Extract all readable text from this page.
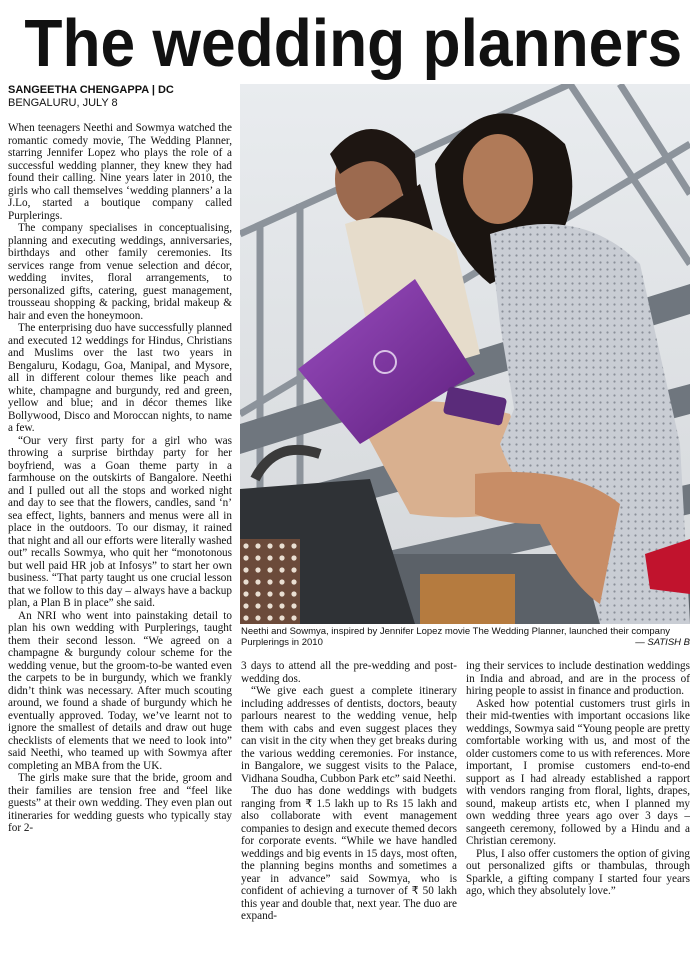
The wedding planners
SANGEETHA CHENGAPPA | DC
BENGALURU, JULY 8

When teenagers Neethi and Sowmya watched the romantic comedy movie, The Wedding Planner, starring Jennifer Lopez who plays the role of a successful wedding planner, they knew they had found their calling. Nine years later in 2010, the girls who call themselves ‘wedding planners’ a la J.Lo, started a boutique company called Purplerings.

The company specialises in conceptualising, planning and executing weddings, anniversaries, birthdays and other family ceremonies. Its services range from venue selection and décor, wedding invites, floral arrangements, to personalized gifts, catering, guest management, trousseau shopping & packing, bridal makeup & hair and even the honeymoon.

The enterprising duo have successfully planned and executed 12 weddings for Hindus, Christians and Muslims over the last two years in Bengaluru, Kodagu, Goa, Manipal, and Mysore, all in different colour themes like peach and white, champagne and burgundy, red and green, yellow and blue; and in décor themes like Bollywood, Disco and Moroccan nights, to name a few.

“Our very first party for a girl who was throwing a surprise birthday party for her boyfriend, was a Goan theme party in a farmhouse on the outskirts of Bangalore. Neethi and I pulled out all the stops and worked night and day to see that the flowers, candles, sand ‘n’ sea effect, lights, banners and menus were all in place in the outdoors. To our dismay, it rained that night and all our efforts were literally washed out” recalls Sowmya, who quit her “monotonous but well paid HR job at Infosys” to start her own business. “That party taught us one crucial lesson that we follow to this day – always have a backup plan, a Plan B in place” she said.

An NRI who went into painstaking detail to plan his own wedding with Purplerings, taught them their second lesson. “We agreed on a champagne & burgundy colour scheme for the wedding venue, but the groom-to-be wanted even the carpets to be in burgundy, which we frankly didn’t think was necessary. After much scouting around, we found a shade of burgundy which he eventually approved. Today, we’ve learnt not to ignore the smallest of details and draw out huge checklists of elements that we need to look into” said Neethi, who teamed up with Sowmya after completing an MBA from the UK.

The girls make sure that the bride, groom and their families are tension free and “feel like guests” at their own wedding. They even plan out itineraries for wedding guests who typically stay for 2-

Neethi and Sowmya, inspired by Jennifer Lopez movie The Wedding Planner, launched their company Purplerings in 2010	— SATISH B

3 days to attend all the pre-wedding and post-wedding dos.

“We give each guest a complete itinerary including addresses of dentists, doctors, beauty parlours nearest to the wedding venue, help them with cabs and even suggest places they can visit in the city when they get breaks during the various wedding ceremonies. For instance, in Bangalore, we suggest visits to the Palace, Vidhana Soudha, Cubbon Park etc” said Neethi.

The duo has done weddings with budgets ranging from ₹ 1.5 lakh up to Rs 15 lakh and also collaborate with event management companies to design and execute themed decors for corporate events. “While we have handled weddings and big events in 15 days, most often, the planning begins months and sometimes a year in advance” said Sowmya, who is confident of achieving a turnover of ₹ 50 lakh this year and double that, next year. The duo are expand-

ing their services to include destination weddings in India and abroad, and are in the process of hiring people to assist in finance and production.

Asked how potential customers trust girls in their mid-twenties with important occasions like weddings, Sowmya said “Young people are pretty comfortable working with us, and most of the older customers come to us with references. More important, I promise customers end-to-end support as I had already established a rapport with vendors ranging from floral, lights, drapes, sound, makeup artists etc, when I planned my own wedding three years ago over 3 days – sangeeth ceremony, followed by a Hindu and a Christian ceremony.

Plus, I also offer customers the option of giving out personalized gifts or thambulas, through Sparkle, a gifting company I started four years ago, which they absolutely love.”
